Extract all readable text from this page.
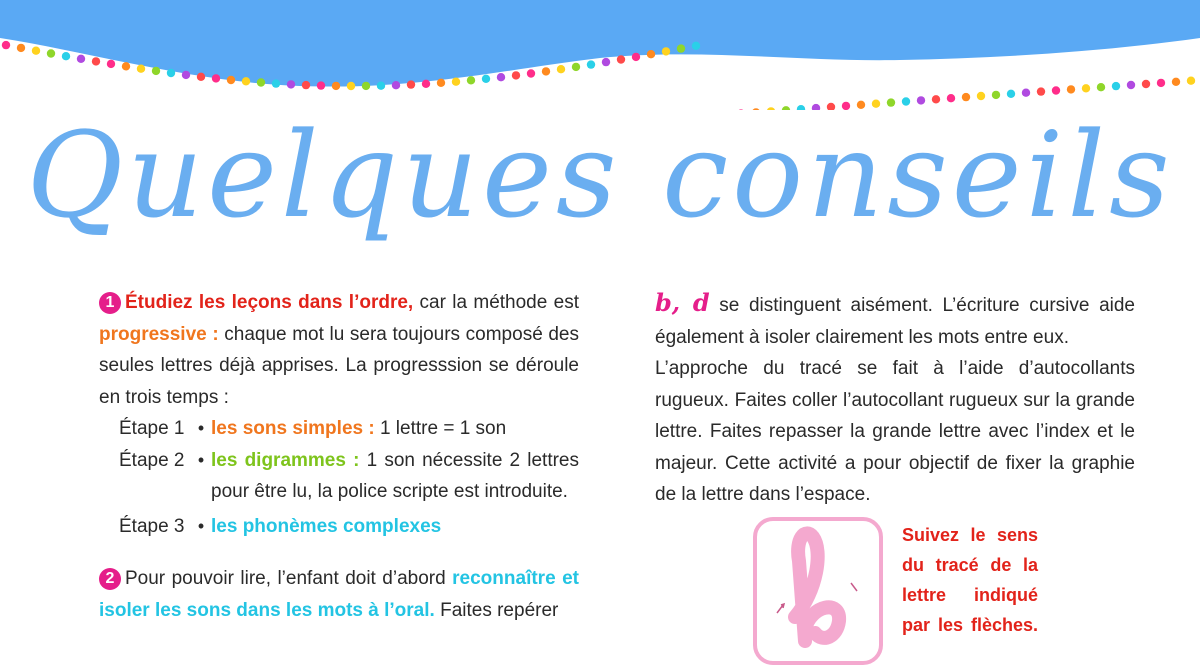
Quelques conseils

1 Étudiez les leçons dans l’ordre, car la méthode est progressive : chaque mot lu sera toujours composé des seules lettres déjà apprises. La progresssion se déroule en trois temps :

Étape 1 • les sons simples : 1 lettre = 1 son
Étape 2 • les digrammes : 1 son nécessite 2 lettres pour être lu, la police scripte est introduite.
Étape 3 • les phonèmes complexes

2 Pour pouvoir lire, l’enfant doit d’abord reconnaître et isoler les sons dans les mots à l’oral. Faites repérer

b, d se distinguent aisément. L’écriture cursive aide également à isoler clairement les mots entre eux.

L’approche du tracé se fait à l’aide d’autocollants rugueux. Faites coller l’autocollant rugueux sur la grande lettre. Faites repasser la grande lettre avec l’index et le majeur. Cette activité a pour objectif de fixer la graphie de la lettre dans l’espace.

Suivez le sens du tracé de la lettre indiqué par les flèches.
